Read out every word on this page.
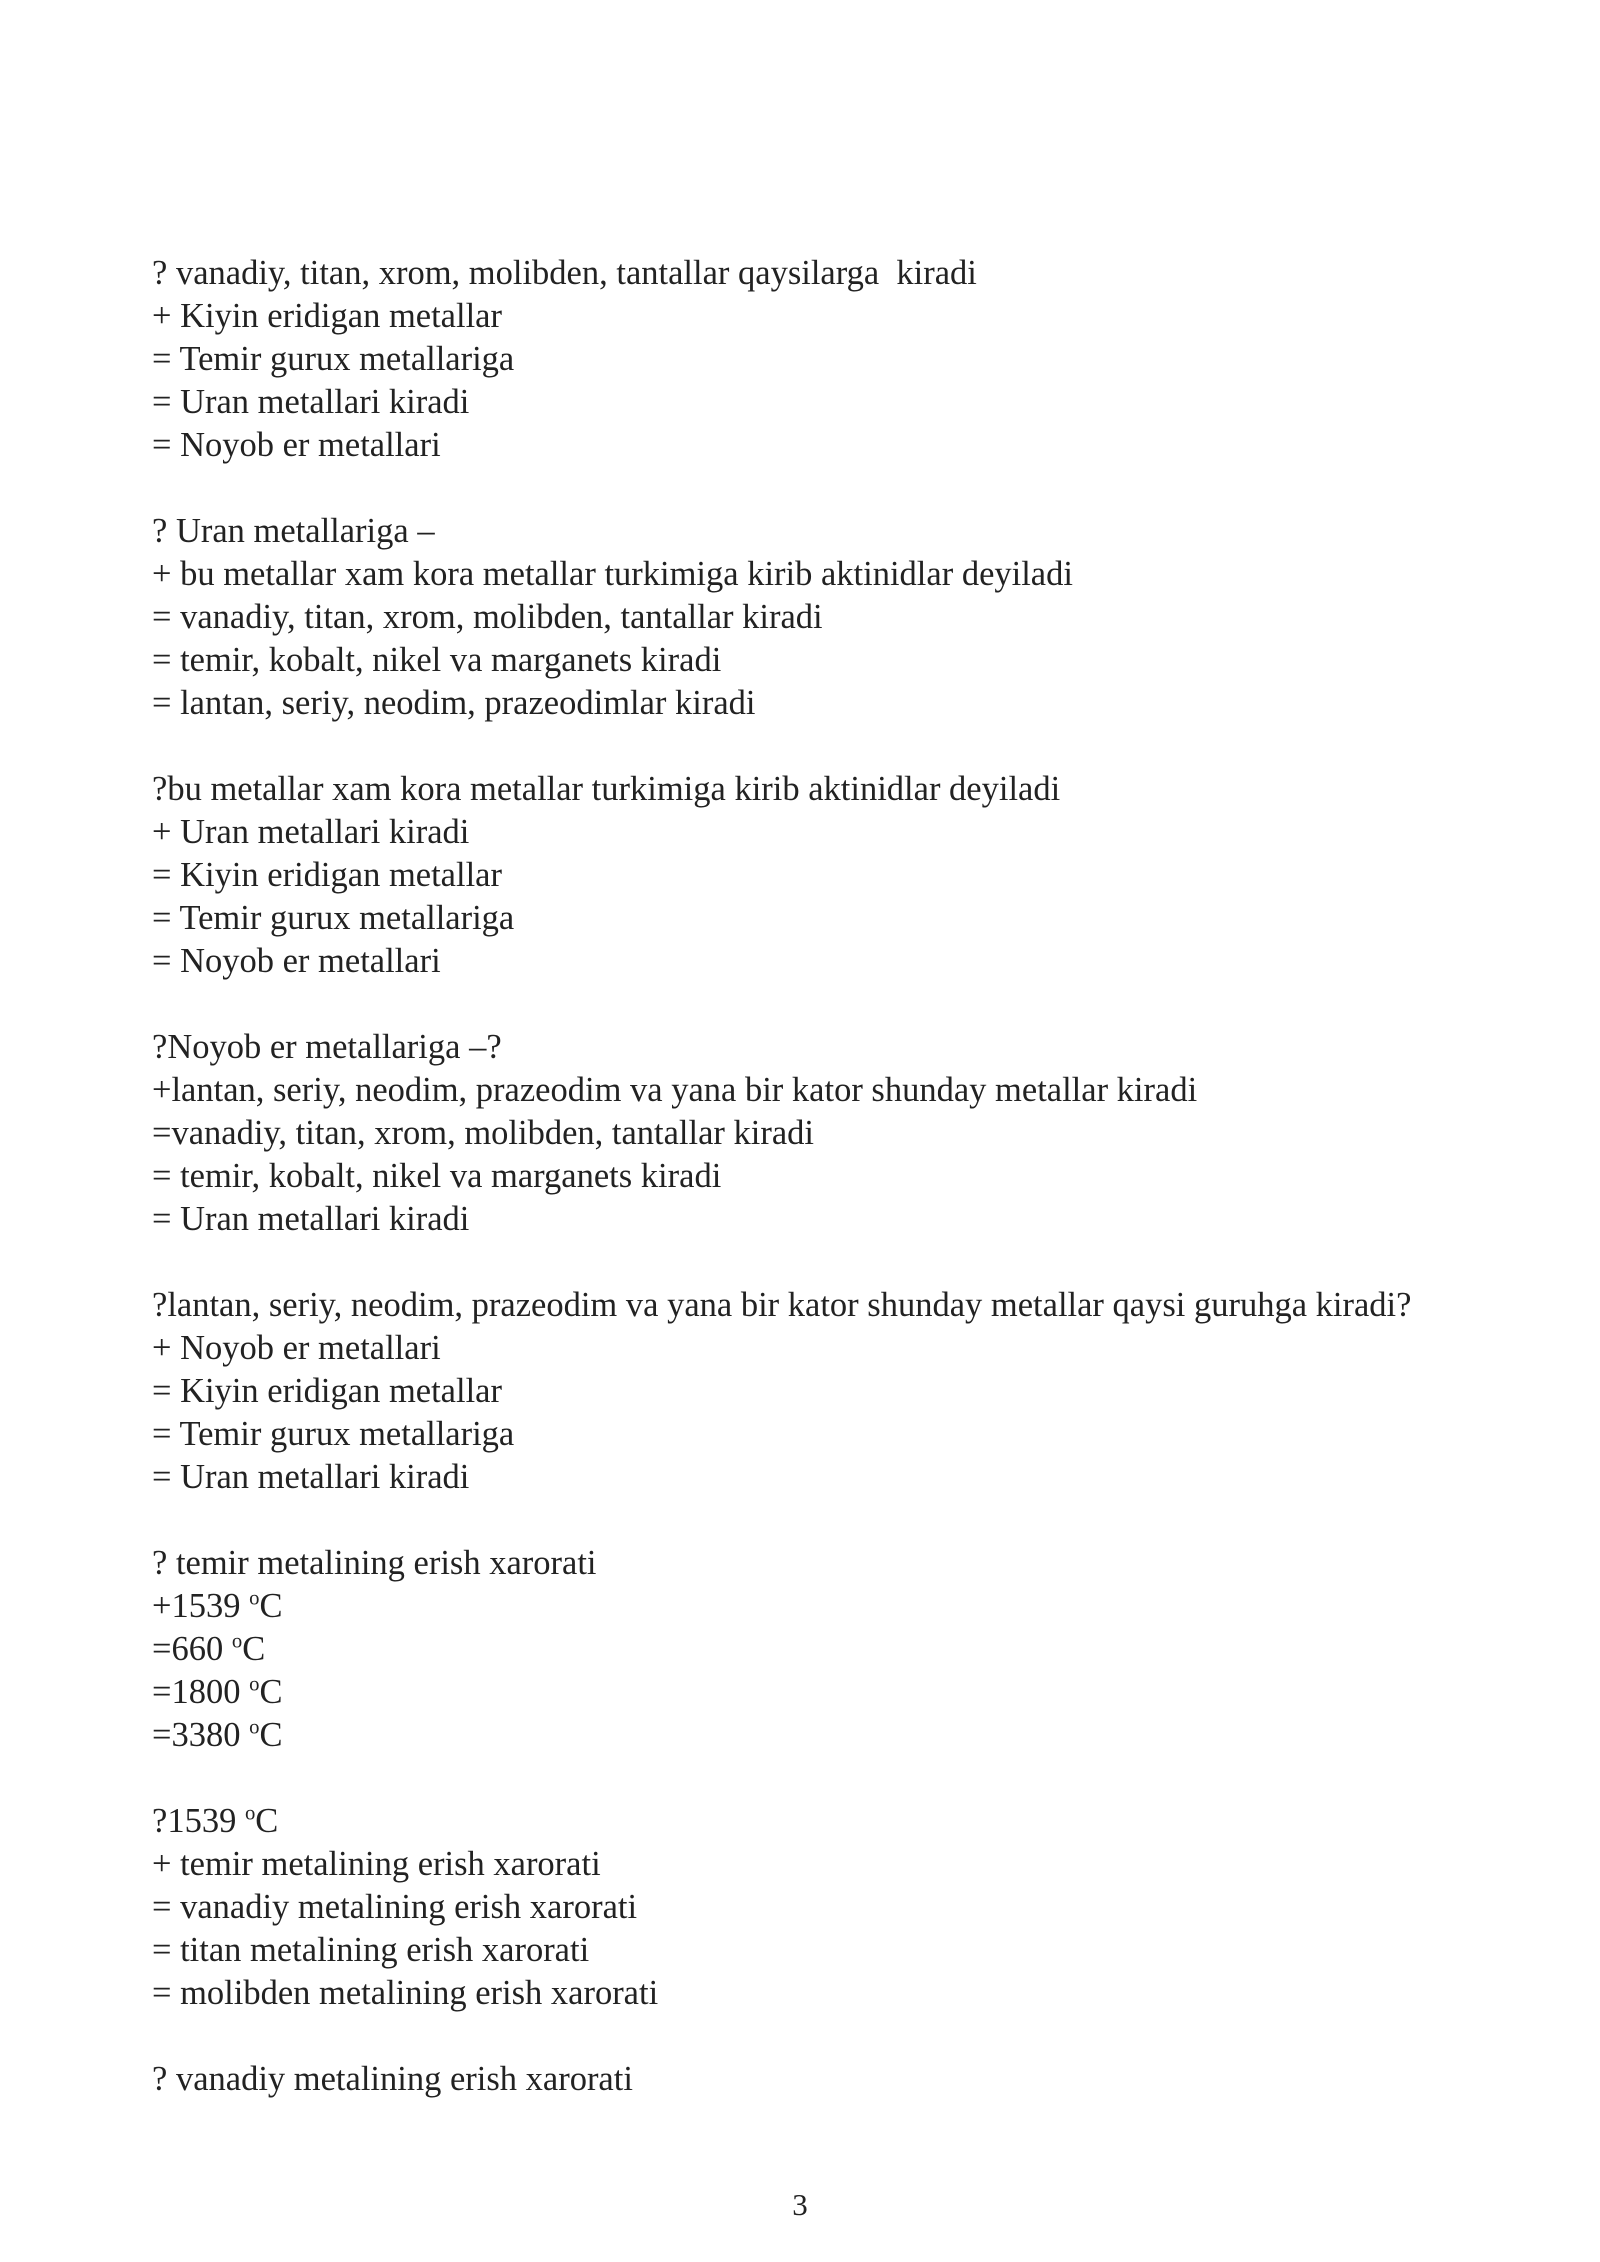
? vanadiy, titan, xrom, molibden, tantallar qaysilarga  kiradi

+ Kiyin eridigan metallar

= Temir gurux metallariga

= Uran metallari kiradi

= Noyob er metallari

? Uran metallariga –

+ bu metallar xam kora metallar turkimiga kirib aktinidlar deyiladi

= vanadiy, titan, xrom, molibden, tantallar kiradi

= temir, kobalt, nikel va marganets kiradi

= lantan, seriy, neodim, prazeodimlar kiradi

?bu metallar xam kora metallar turkimiga kirib aktinidlar deyiladi

+ Uran metallari kiradi

= Kiyin eridigan metallar

= Temir gurux metallariga

= Noyob er metallari

?Noyob er metallariga –?

+lantan, seriy, neodim, prazeodim va yana bir kator shunday metallar kiradi

=vanadiy, titan, xrom, molibden, tantallar kiradi

= temir, kobalt, nikel va marganets kiradi

= Uran metallari kiradi

?lantan, seriy, neodim, prazeodim va yana bir kator shunday metallar qaysi guruhga kiradi?

+ Noyob er metallari

= Kiyin eridigan metallar

= Temir gurux metallariga

= Uran metallari kiradi

? temir metalining erish xarorati

+1539 $^o$C

=660 $^o$C

=1800 $^o$C

=3380 $^o$C

?1539 $^o$C

+ temir metalining erish xarorati

= vanadiy metalining erish xarorati

= titan metalining erish xarorati

= molibden metalining erish xarorati

? vanadiy metalining erish xarorati

3
